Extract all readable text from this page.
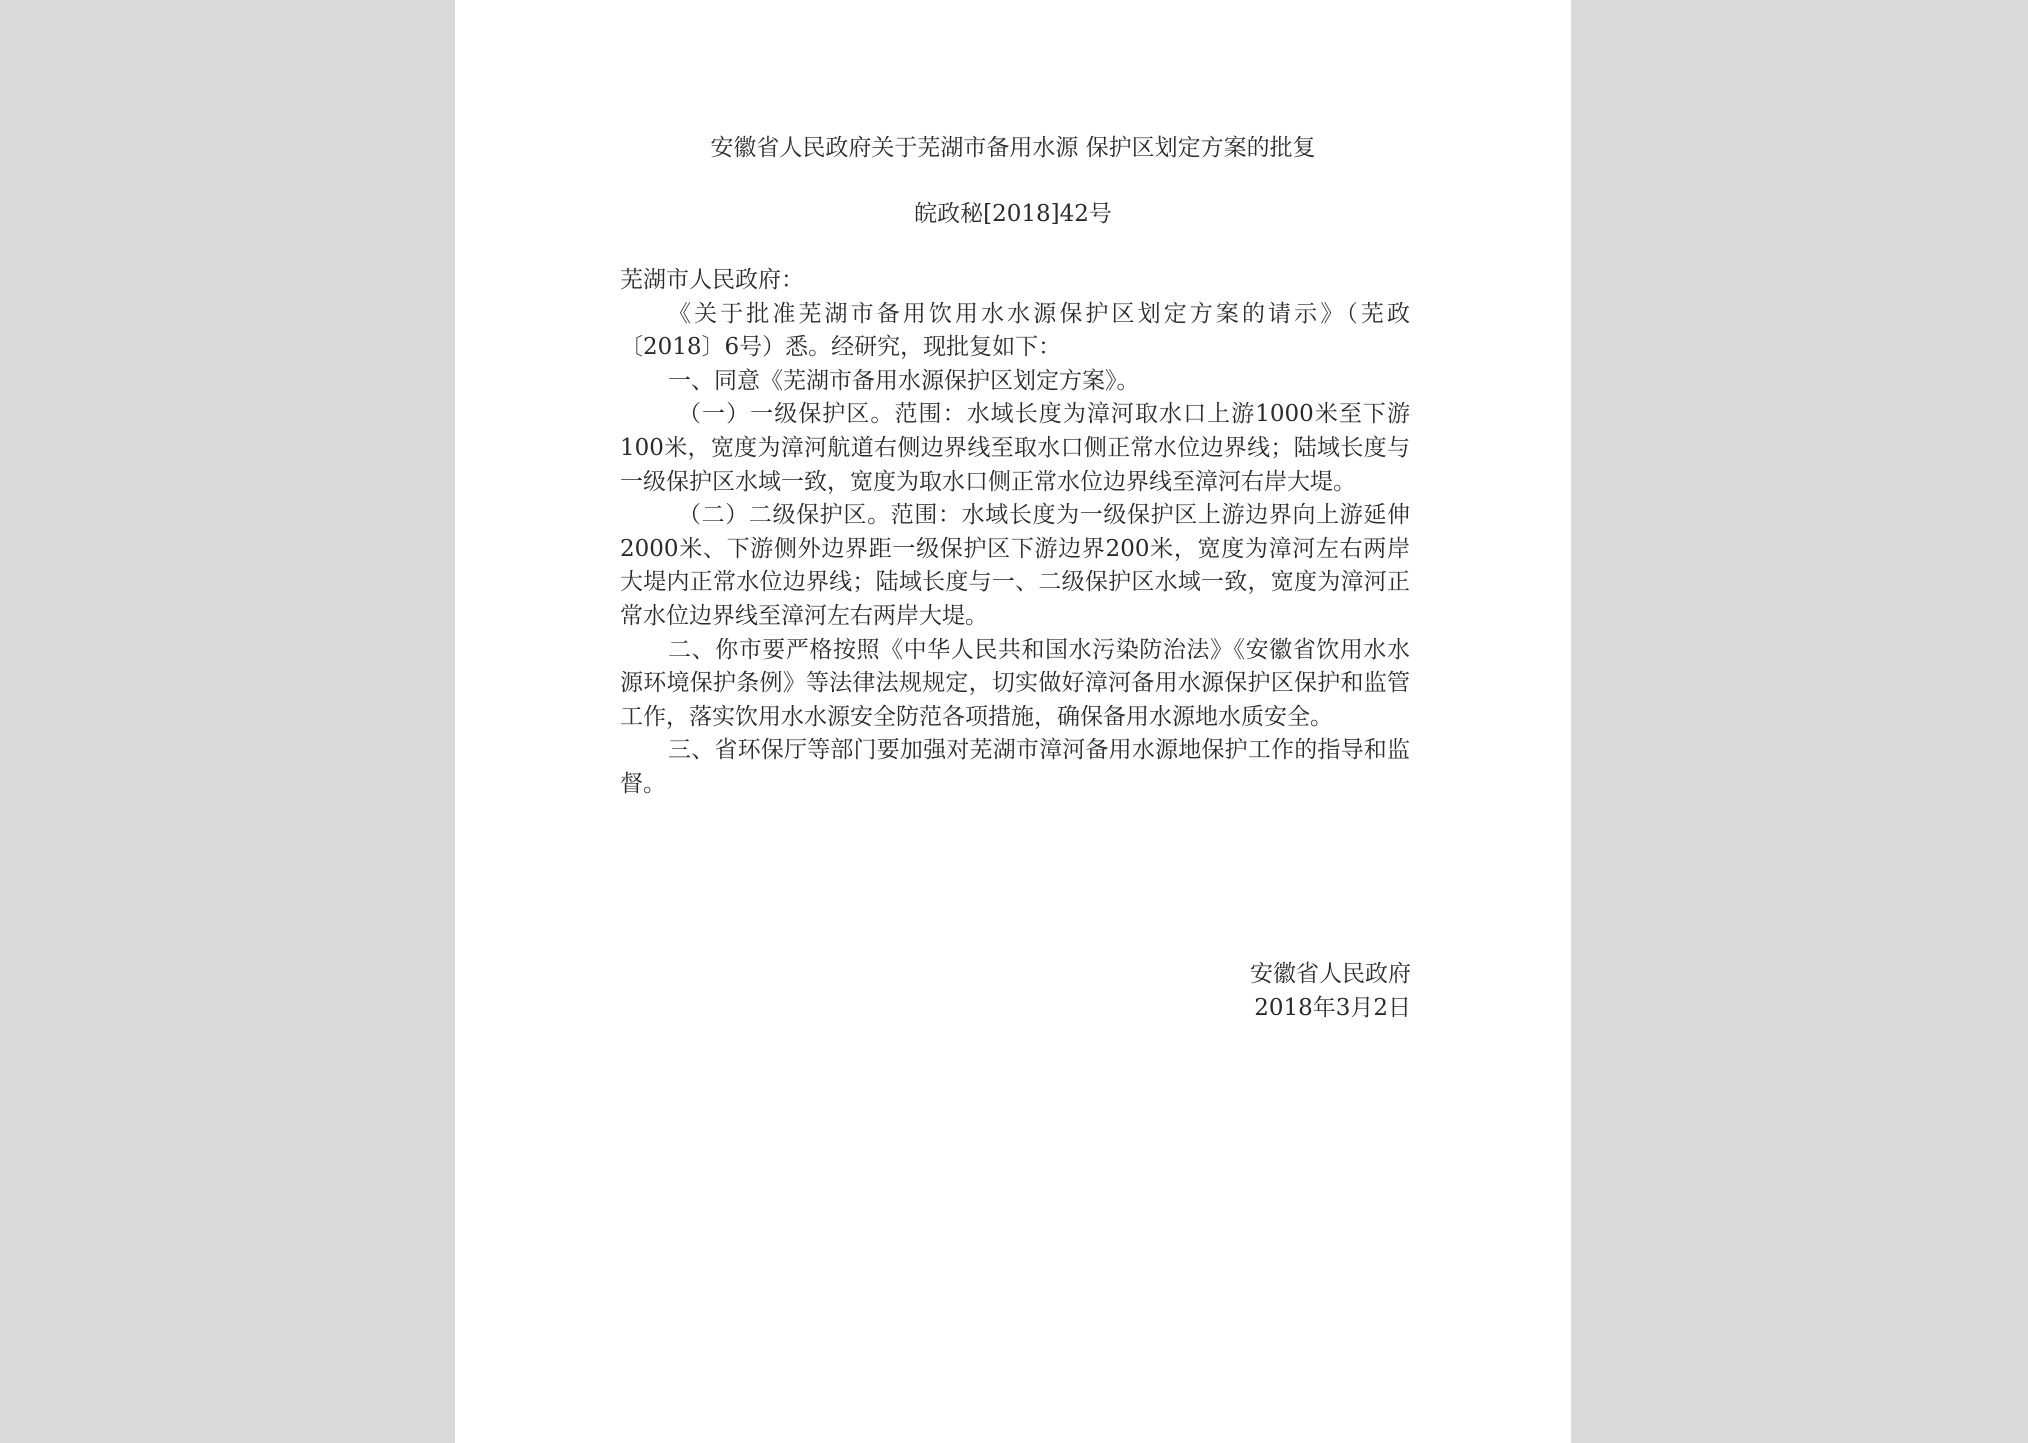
安徽省人民政府关于芜湖市备用水源 保护区划定方案的批复
皖政秘[2018]42号

芜湖市人民政府：

《关于批准芜湖市备用饮用水水源保护区划定方案的请示》（芜政〔2018〕6号）悉。经研究，现批复如下：

一、同意《芜湖市备用水源保护区划定方案》。

（一）一级保护区。范围：水域长度为漳河取水口上游1000米至下游100米，宽度为漳河航道右侧边界线至取水口侧正常水位边界线；陆域长度与一级保护区水域一致，宽度为取水口侧正常水位边界线至漳河右岸大堤。

（二）二级保护区。范围：水域长度为一级保护区上游边界向上游延伸2000米、下游侧外边界距一级保护区下游边界200米，宽度为漳河左右两岸大堤内正常水位边界线；陆域长度与一、二级保护区水域一致，宽度为漳河正常水位边界线至漳河左右两岸大堤。

二、你市要严格按照《中华人民共和国水污染防治法》《安徽省饮用水水源环境保护条例》等法律法规规定，切实做好漳河备用水源保护区保护和监管工作，落实饮用水水源安全防范各项措施，确保备用水源地水质安全。

三、省环保厅等部门要加强对芜湖市漳河备用水源地保护工作的指导和监督。

安徽省人民政府
2018年3月2日
